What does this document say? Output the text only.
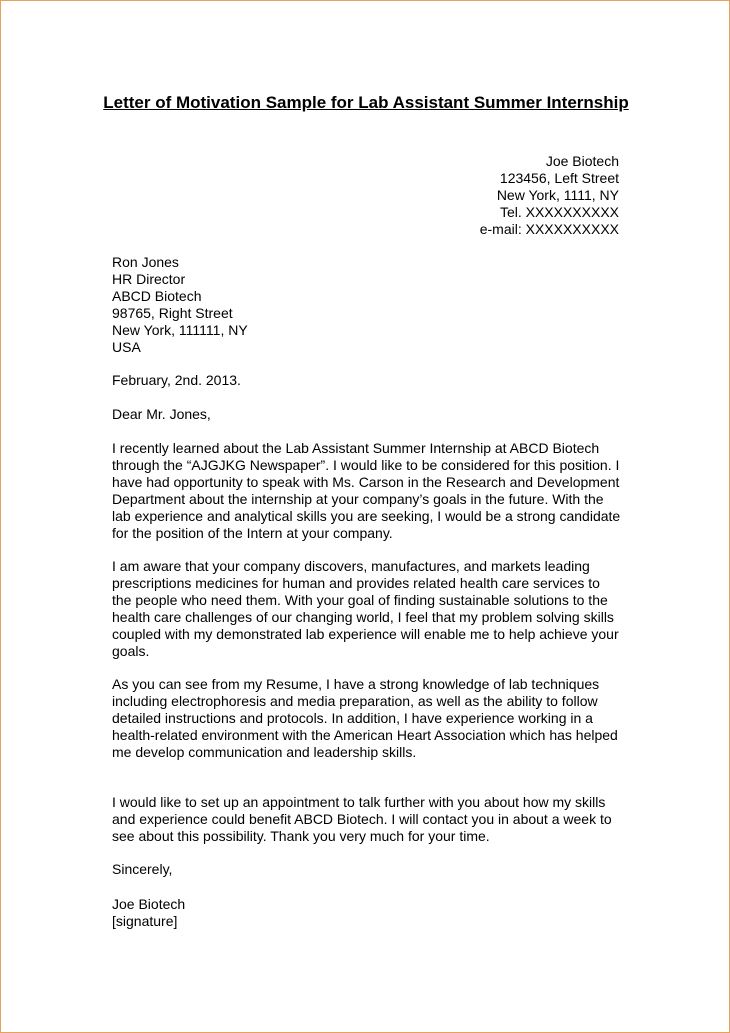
Letter of Motivation Sample for Lab Assistant Summer Internship
Joe Biotech
123456, Left Street
New York, 1111, NY
Tel. XXXXXXXXXX
e-mail: XXXXXXXXXX
Ron Jones
HR Director
ABCD Biotech
98765, Right Street
New York, 111111, NY
USA
February, 2nd. 2013.
Dear Mr. Jones,

I recently learned about the Lab Assistant Summer Internship at ABCD Biotech through the “AJGJKG Newspaper”. I would like to be considered for this position. I have had opportunity to speak with Ms. Carson in the Research and Development Department about the internship at your company’s goals in the future. With the lab experience and analytical skills you are seeking, I would be a strong candidate for the position of the Intern at your company.

I am aware that your company discovers, manufactures, and markets leading prescriptions medicines for human and provides related health care services to the people who need them. With your goal of finding sustainable solutions to the health care challenges of our changing world, I feel that my problem solving skills coupled with my demonstrated lab experience will enable me to help achieve your goals.

As you can see from my Resume, I have a strong knowledge of lab techniques including electrophoresis and media preparation, as well as the ability to follow detailed instructions and protocols. In addition, I have experience working in a health-related environment with the American Heart Association which has helped me develop communication and leadership skills.

I would like to set up an appointment to talk further with you about how my skills and experience could benefit ABCD Biotech. I will contact you in about a week to see about this possibility. Thank you very much for your time.

Sincerely,
Joe Biotech
[signature]
